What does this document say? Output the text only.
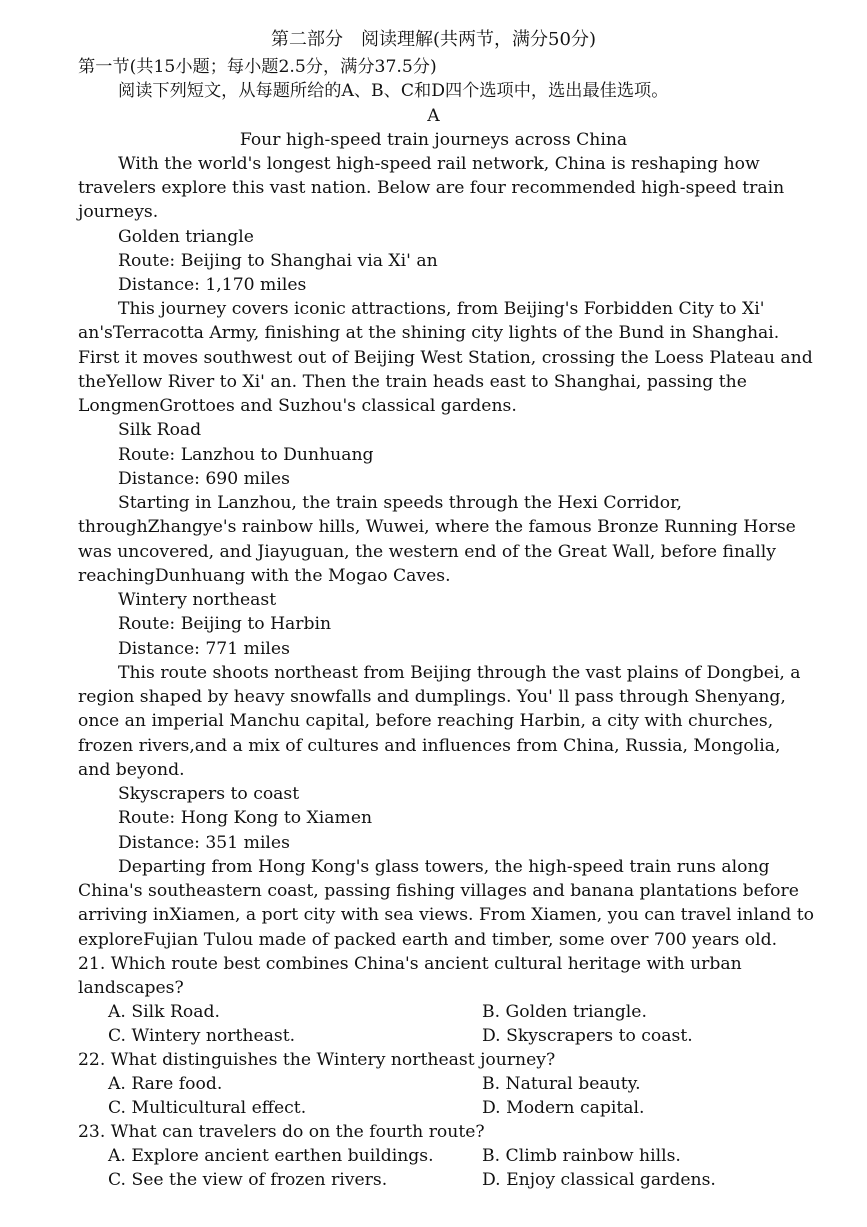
第二部分　阅读理解(共两节，满分50分)
第一节(共15小题；每小题2.5分，满分37.5分)
阅读下列短文，从每题所给的A、B、C和D四个选项中，选出最佳选项。
A
Four high-speed train journeys across China
With the world's longest high-speed rail network, China is reshaping how
travelers explore this vast nation. Below are four recommended high-speed train
journeys.
Golden triangle
Route: Beijing to Shanghai via Xi' an
Distance: 1,170 miles
This journey covers iconic attractions, from Beijing's Forbidden City to Xi'
an'sTerracotta Army, finishing at the shining city lights of the Bund in Shanghai.
First it moves southwest out of Beijing West Station, crossing the Loess Plateau and
theYellow River to Xi' an. Then the train heads east to Shanghai, passing the
LongmenGrottoes and Suzhou's classical gardens.
Silk Road
Route: Lanzhou to Dunhuang
Distance: 690 miles
Starting in Lanzhou, the train speeds through the Hexi Corridor,
throughZhangye's rainbow hills, Wuwei, where the famous Bronze Running Horse
was uncovered, and Jiayuguan, the western end of the Great Wall, before finally
reachingDunhuang with the Mogao Caves.
Wintery northeast
Route: Beijing to Harbin
Distance: 771 miles
This route shoots northeast from Beijing through the vast plains of Dongbei, a
region shaped by heavy snowfalls and dumplings. You' ll pass through Shenyang,
once an imperial Manchu capital, before reaching Harbin, a city with churches,
frozen rivers,and a mix of cultures and influences from China, Russia, Mongolia,
and beyond.
Skyscrapers to coast
Route: Hong Kong to Xiamen
Distance: 351 miles
Departing from Hong Kong's glass towers, the high-speed train runs along
China's southeastern coast, passing fishing villages and banana plantations before
arriving inXiamen, a port city with sea views. From Xiamen, you can travel inland to
exploreFujian Tulou made of packed earth and timber, some over 700 years old.
21. Which route best combines China's ancient cultural heritage with urban
landscapes?
A. Silk Road.	B. Golden triangle.
C. Wintery northeast.	D. Skyscrapers to coast.
22. What distinguishes the Wintery northeast journey?
A. Rare food.	B. Natural beauty.
C. Multicultural effect.	D. Modern capital.
23. What can travelers do on the fourth route?
A. Explore ancient earthen buildings.	B. Climb rainbow hills.
C. See the view of frozen rivers.	D. Enjoy classical gardens.
